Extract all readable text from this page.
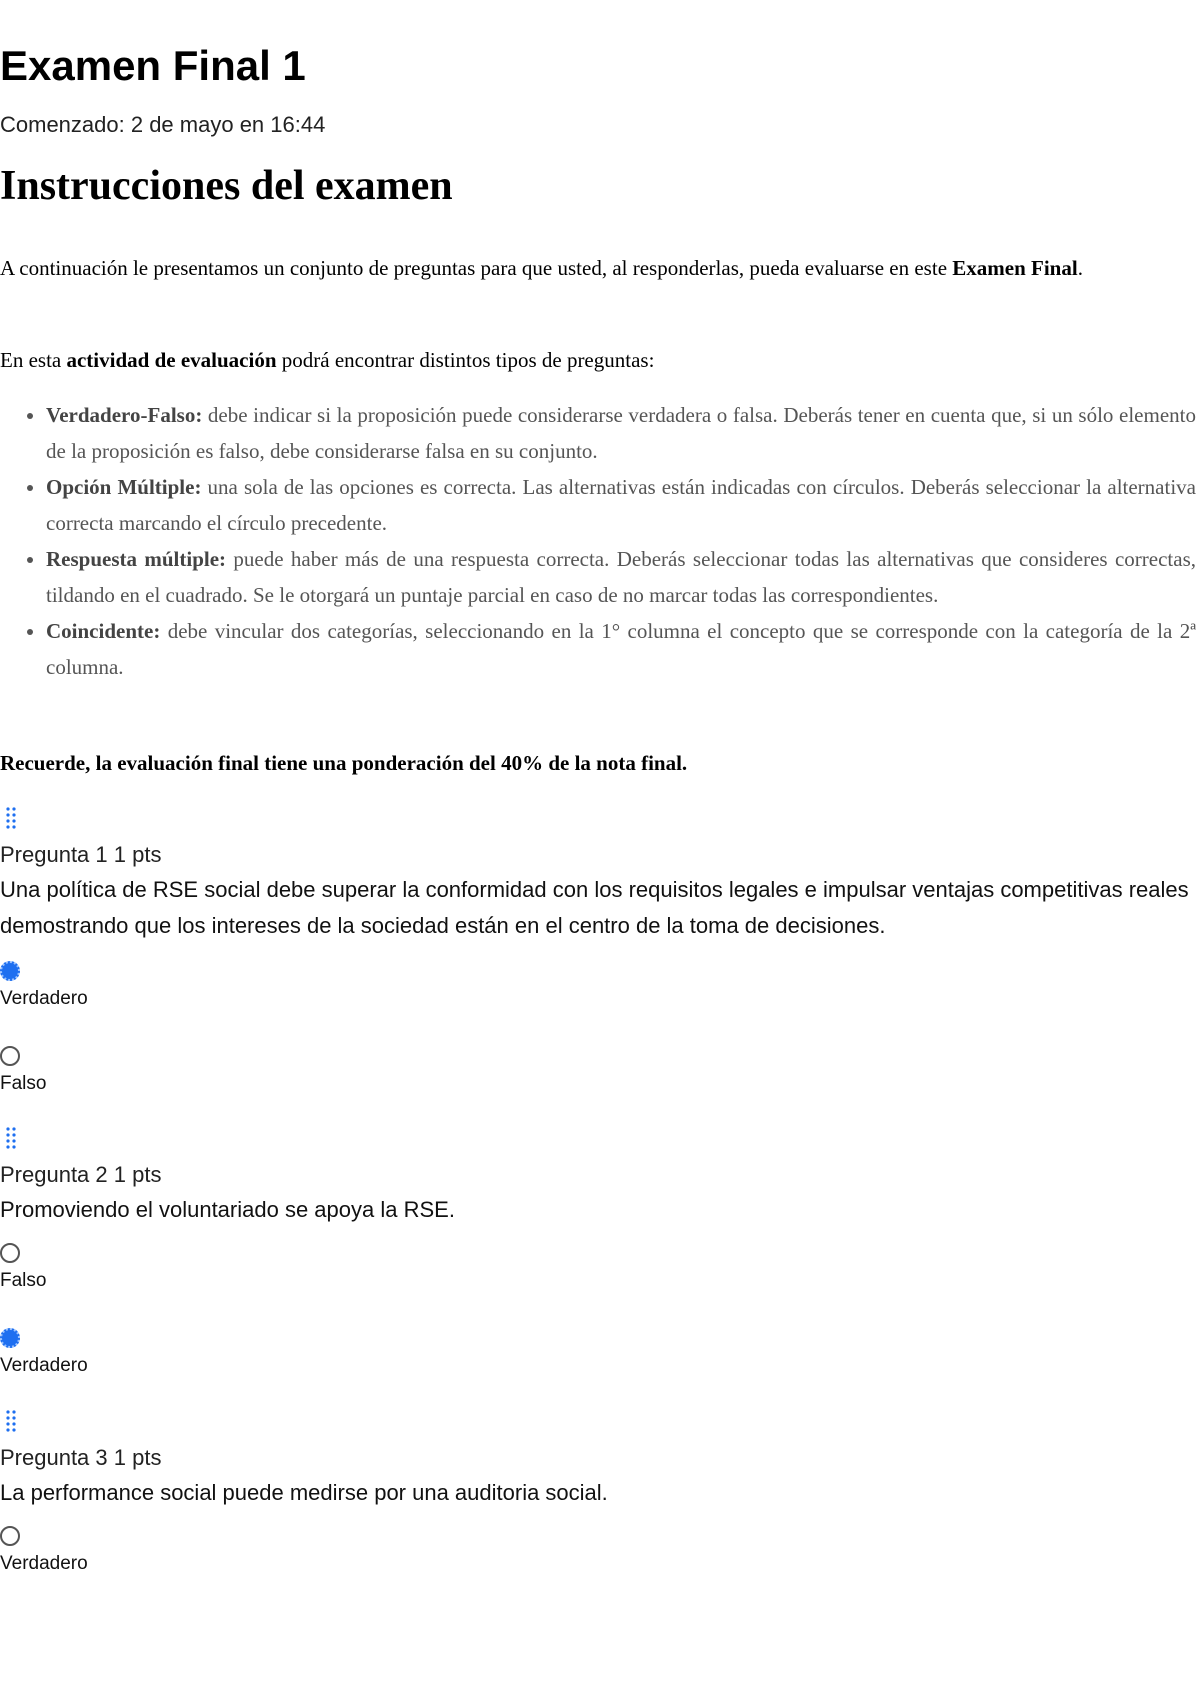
Examen Final 1
Comenzado: 2 de mayo en 16:44
Instrucciones del examen

A continuación le presentamos un conjunto de preguntas para que usted, al responderlas, pueda evaluarse en este Examen Final.

En esta actividad de evaluación podrá encontrar distintos tipos de preguntas:

• Verdadero-Falso: debe indicar si la proposición puede considerarse verdadera o falsa. Deberás tener en cuenta que, si un sólo elemento de la proposición es falso, debe considerarse falsa en su conjunto.
• Opción Múltiple: una sola de las opciones es correcta. Las alternativas están indicadas con círculos. Deberás seleccionar la alternativa correcta marcando el círculo precedente.
• Respuesta múltiple: puede haber más de una respuesta correcta. Deberás seleccionar todas las alternativas que consideres correctas, tildando en el cuadrado. Se le otorgará un puntaje parcial en caso de no marcar todas las correspondientes.
• Coincidente: debe vincular dos categorías, seleccionando en la 1° columna el concepto que se corresponde con la categoría de la 2ª columna.

Recuerde, la evaluación final tiene una ponderación del 40% de la nota final.

Pregunta 1 1 pts
Una política de RSE social debe superar la conformidad con los requisitos legales e impulsar ventajas competitivas reales demostrando que los intereses de la sociedad están en el centro de la toma de decisiones.
Verdadero
Falso
Pregunta 2 1 pts
Promoviendo el voluntariado se apoya la RSE.
Falso
Verdadero
Pregunta 3 1 pts
La performance social puede medirse por una auditoria social.
Verdadero
